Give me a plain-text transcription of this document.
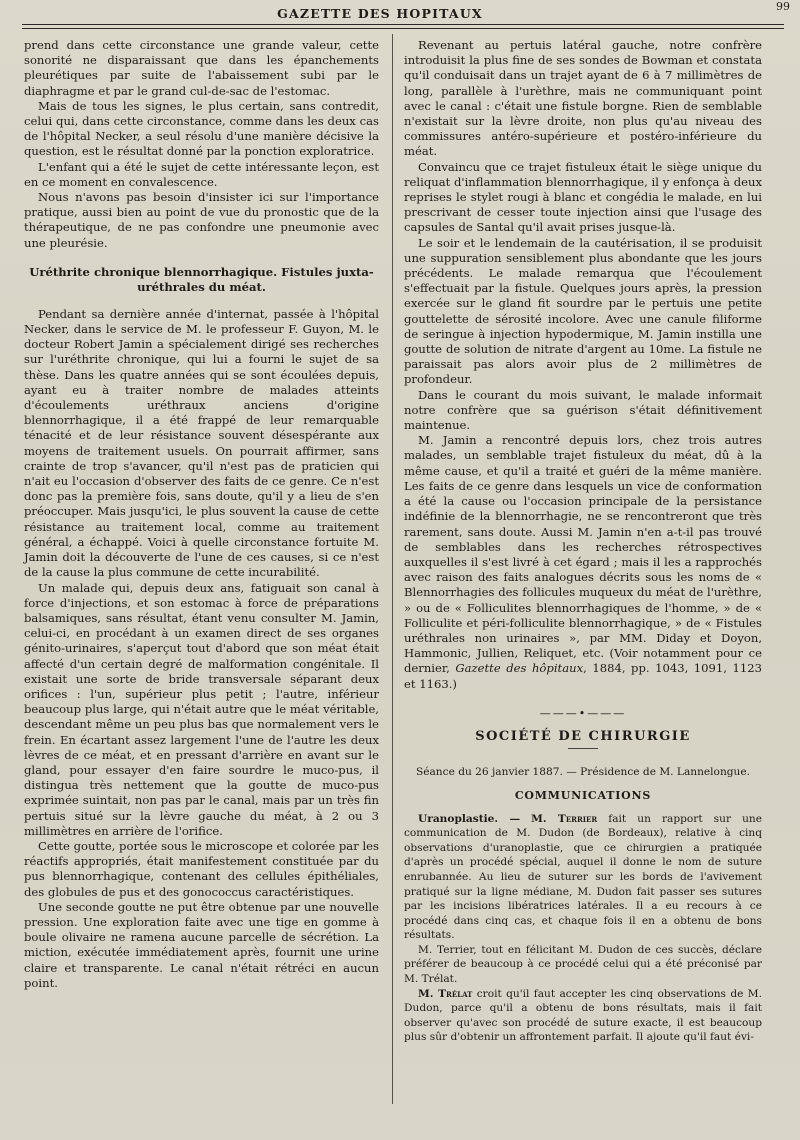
GAZETTE DES HOPITAUX	99

prend dans cette circonstance une grande valeur, cette sonorité ne disparaissant que dans les épanchements pleurétiques par suite de l'abaissement subi par le diaphragme et par le grand cul-de-sac de l'estomac.

Mais de tous les signes, le plus certain, sans contredit, celui qui, dans cette circonstance, comme dans les deux cas de l'hôpital Necker, a seul résolu d'une manière décisive la question, est le résultat donné par la ponction exploratrice.

L'enfant qui a été le sujet de cette intéressante leçon, est en ce moment en convalescence.

Nous n'avons pas besoin d'insister ici sur l'importance pratique, aussi bien au point de vue du pronostic que de la thérapeutique, de ne pas confondre une pneumonie avec une pleurésie.

Uréthrite chronique blennorrhagique. Fistules juxta-uréthrales du méat.

Pendant sa dernière année d'internat, passée à l'hôpital Necker, dans le service de M. le professeur F. Guyon, M. le docteur Robert Jamin a spécialement dirigé ses recherches sur l'uréthrite chronique, qui lui a fourni le sujet de sa thèse. Dans les quatre années qui se sont écoulées depuis, ayant eu à traiter nombre de malades atteints d'écoulements uréthraux anciens d'origine blennorrhagique, il a été frappé de leur remarquable ténacité et de leur résistance souvent désespérante aux moyens de traitement usuels. On pourrait affirmer, sans crainte de trop s'avancer, qu'il n'est pas de praticien qui n'ait eu l'occasion d'observer des faits de ce genre. Ce n'est donc pas la première fois, sans doute, qu'il y a lieu de s'en préoccuper. Mais jusqu'ici, le plus souvent la cause de cette résistance au traitement local, comme au traitement général, a échappé. Voici à quelle circonstance fortuite M. Jamin doit la découverte de l'une de ces causes, si ce n'est de la cause la plus commune de cette incurabilité.

Un malade qui, depuis deux ans, fatiguait son canal à force d'injections, et son estomac à force de préparations balsamiques, sans résultat, étant venu consulter M. Jamin, celui-ci, en procédant à un examen direct de ses organes génito-urinaires, s'aperçut tout d'abord que son méat était affecté d'un certain degré de malformation congénitale. Il existait une sorte de bride transversale séparant deux orifices : l'un, supérieur plus petit ; l'autre, inférieur beaucoup plus large, qui n'était autre que le méat véritable, descendant même un peu plus bas que normalement vers le frein. En écartant assez largement l'une de l'autre les deux lèvres de ce méat, et en pressant d'arrière en avant sur le gland, pour essayer d'en faire sourdre le muco-pus, il distingua très nettement que la goutte de muco-pus exprimée suintait, non pas par le canal, mais par un très fin pertuis situé sur la lèvre gauche du méat, à 2 ou 3 millimètres en arrière de l'orifice.

Cette goutte, portée sous le microscope et colorée par les réactifs appropriés, était manifestement constituée par du pus blennorrhagique, contenant des cellules épithéliales, des globules de pus et des gonococcus caractéristiques.

Une seconde goutte ne put être obtenue par une nouvelle pression. Une exploration faite avec une tige en gomme à boule olivaire ne ramena aucune parcelle de sécrétion. La miction, exécutée immédiatement après, fournit une urine claire et transparente. Le canal n'était rétréci en aucun point.

Revenant au pertuis latéral gauche, notre confrère introduisit la plus fine de ses sondes de Bowman et constata qu'il conduisait dans un trajet ayant de 6 à 7 millimètres de long, parallèle à l'urèthre, mais ne communiquant point avec le canal : c'était une fistule borgne. Rien de semblable n'existait sur la lèvre droite, non plus qu'au niveau des commissures antéro-supérieure et postéro-inférieure du méat.

Convaincu que ce trajet fistuleux était le siège unique du reliquat d'inflammation blennorrhagique, il y enfonça à deux reprises le stylet rougi à blanc et congédia le malade, en lui prescrivant de cesser toute injection ainsi que l'usage des capsules de Santal qu'il avait prises jusque-là.

Le soir et le lendemain de la cautérisation, il se produisit une suppuration sensiblement plus abondante que les jours précédents. Le malade remarqua que l'écoulement s'effectuait par la fistule. Quelques jours après, la pression exercée sur le gland fit sourdre par le pertuis une petite gouttelette de sérosité incolore. Avec une canule filiforme de seringue à injection hypodermique, M. Jamin instilla une goutte de solution de nitrate d'argent au 10me. La fistule ne paraissait pas alors avoir plus de 2 millimètres de profondeur.

Dans le courant du mois suivant, le malade informait notre confrère que sa guérison s'était définitivement maintenue.

M. Jamin a rencontré depuis lors, chez trois autres malades, un semblable trajet fistuleux du méat, dû à la même cause, et qu'il a traité et guéri de la même manière. Les faits de ce genre dans lesquels un vice de conformation a été la cause ou l'occasion principale de la persistance indéfinie de la blennorrhagie, ne se rencontreront que très rarement, sans doute. Aussi M. Jamin n'en a-t-il pas trouvé de semblables dans les recherches rétrospectives auxquelles il s'est livré à cet égard ; mais il les a rapprochés avec raison des faits analogues décrits sous les noms de « Blennorrhagies des follicules muqueux du méat de l'urèthre, » ou de « Folliculites blennorrhagiques de l'homme, » de « Folliculite et péri-folliculite blennorrhagique, » de « Fistules uréthrales non urinaires », par MM. Diday et Doyon, Hammonic, Jullien, Reliquet, etc. (Voir notamment pour ce dernier, Gazette des hôpitaux, 1884, pp. 1043, 1091, 1123 et 1163.)

———•———
SOCIÉTÉ DE CHIRURGIE
Séance du 26 janvier 1887. — Présidence de M. Lannelongue.
COMMUNICATIONS

Uranoplastie. — M. Terrier fait un rapport sur une communication de M. Dudon (de Bordeaux), relative à cinq observations d'uranoplastie, que ce chirurgien a pratiquée d'après un procédé spécial, auquel il donne le nom de suture enrubannée. Au lieu de suturer sur les bords de l'avivement pratiqué sur la ligne médiane, M. Dudon fait passer ses sutures par les incisions libératrices latérales. Il a eu recours à ce procédé dans cinq cas, et chaque fois il en a obtenu de bons résultats.

M. Terrier, tout en félicitant M. Dudon de ces succès, déclare préférer de beaucoup à ce procédé celui qui a été préconisé par M. Trélat.

M. Trélat croit qu'il faut accepter les cinq observations de M. Dudon, parce qu'il a obtenu de bons résultats, mais il fait observer qu'avec son procédé de suture exacte, il est beaucoup plus sûr d'obtenir un affrontement parfait. Il ajoute qu'il faut évi-
